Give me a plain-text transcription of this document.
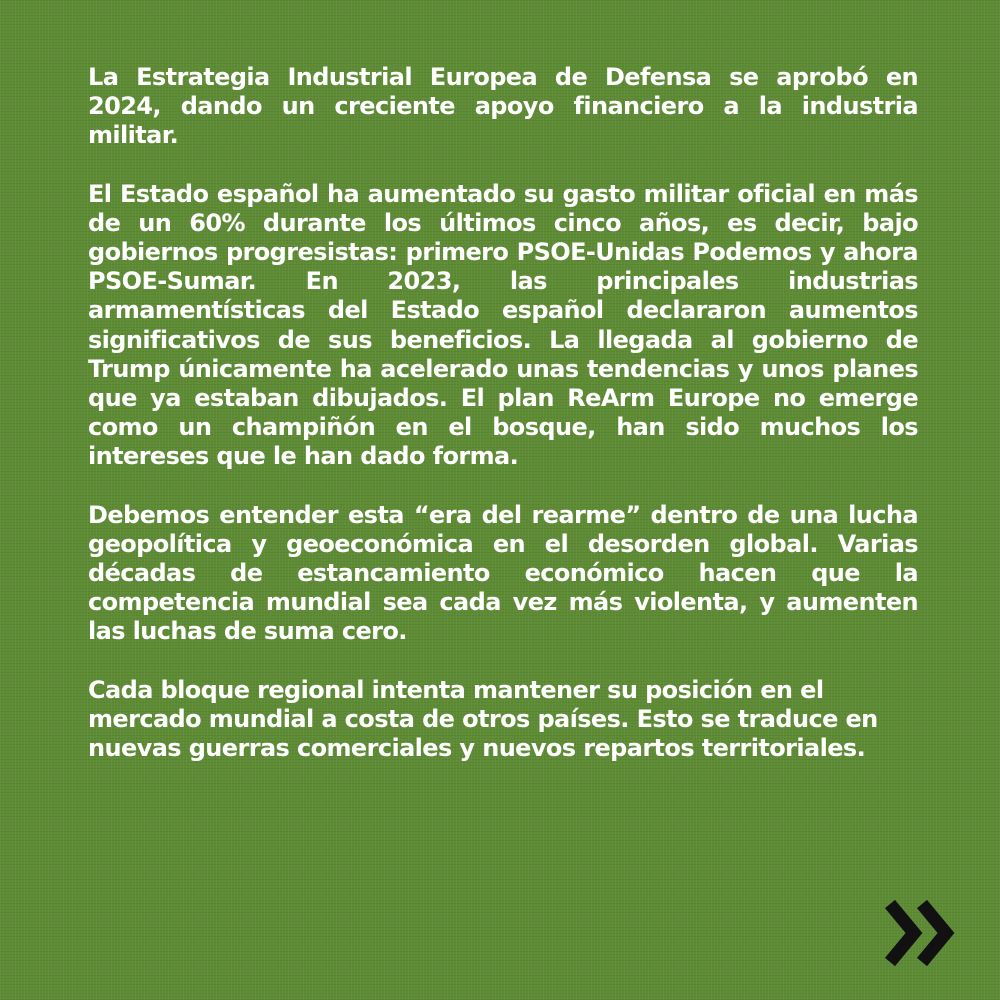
La Estrategia Industrial Europea de Defensa se aprobó en 2024, dando un creciente apoyo financiero a la industria militar.

El Estado español ha aumentado su gasto militar oficial en más de un 60% durante los últimos cinco años, es decir, bajo gobiernos progresistas: primero PSOE-Unidas Podemos y ahora PSOE-Sumar. En 2023, las principales industrias armamentísticas del Estado español declararon aumentos significativos de sus beneficios. La llegada al gobierno de Trump únicamente ha acelerado unas tendencias y unos planes que ya estaban dibujados. El plan ReArm Europe no emerge como un champiñón en el bosque, han sido muchos los intereses que le han dado forma.

Debemos entender esta “era del rearme” dentro de una lucha geopolítica y geoeconómica en el desorden global. Varias décadas de estancamiento económico hacen que la competencia mundial sea cada vez más violenta, y aumenten las luchas de suma cero.

Cada bloque regional intenta mantener su posición en el mercado mundial a costa de otros países. Esto se traduce en nuevas guerras comerciales y nuevos repartos territoriales.
